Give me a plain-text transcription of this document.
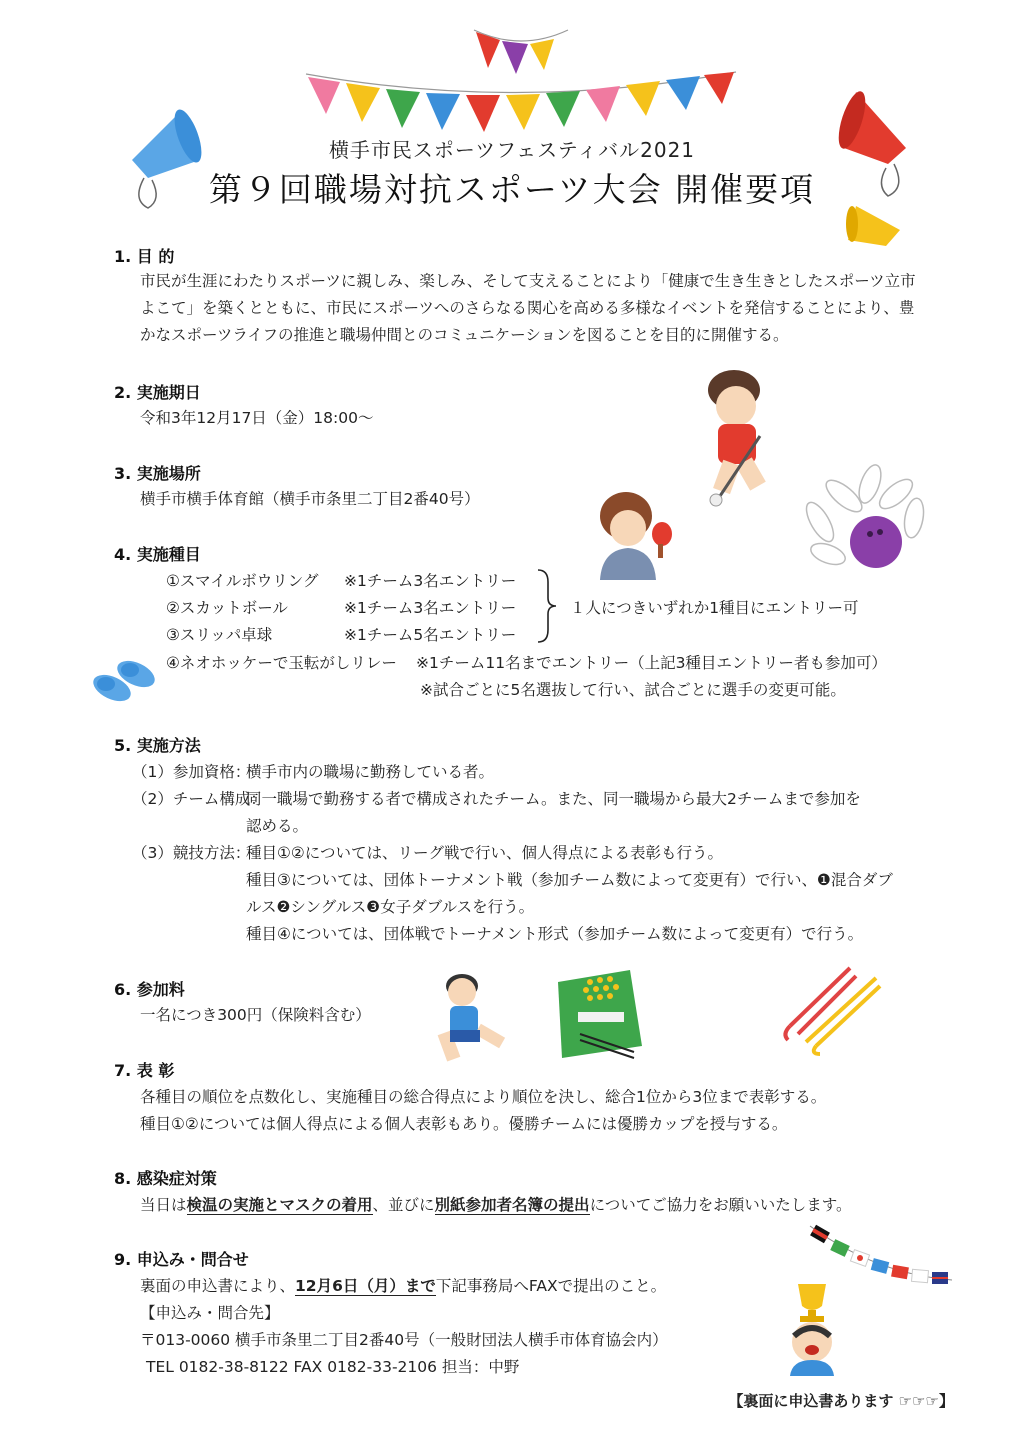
横手市民スポーツフェスティバル2021
第９回職場対抗スポーツ大会 開催要項
1. 目 的
市民が生涯にわたりスポーツに親しみ、楽しみ、そして支えることにより「健康で生き生きとしたスポーツ立市
よこて」を築くとともに、市民にスポーツへのさらなる関心を高める多様なイベントを発信することにより、豊
かなスポーツライフの推進と職場仲間とのコミュニケーションを図ることを目的に開催する。
2. 実施期日
令和3年12月17日（金）18:00〜
3. 実施場所
横手市横手体育館（横手市条里二丁目2番40号）
4. 実施種目
①スマイルボウリング ※1チーム3名エントリー
②スカットボール	※1チーム3名エントリー
③スリッパ卓球	※1チーム5名エントリー
１人につきいずれか1種目にエントリー可
④ネオホッケーで玉転がしリレー ※1チーム11名までエントリー（上記3種目エントリー者も参加可）
※試合ごとに5名選抜して行い、試合ごとに選手の変更可能。
5. 実施方法
（1）参加資格：
横手市内の職場に勤務している者。
（2）チーム構成：
同一職場で勤務する者で構成されたチーム。また、同一職場から最大2チームまで参加を
認める。
（3）競技方法：
種目①②については、リーグ戦で行い、個人得点による表彰も行う。
種目③については、団体トーナメント戦（参加チーム数によって変更有）で行い、❶混合ダブ
ルス❷シングルス❸女子ダブルスを行う。
種目④については、団体戦でトーナメント形式（参加チーム数によって変更有）で行う。
6. 参加料
一名につき300円（保険料含む）
7. 表 彰
各種目の順位を点数化し、実施種目の総合得点により順位を決し、総合1位から3位まで表彰する。
種目①②については個人得点による個人表彰もあり。優勝チームには優勝カップを授与する。
8. 感染症対策
当日は検温の実施とマスクの着用、並びに別紙参加者名簿の提出についてご協力をお願いいたします。
9. 申込み・問合せ
裏面の申込書により、12月6日（月）まで下記事務局へFAXで提出のこと。
【申込み・問合先】
〒013-0060 横手市条里二丁目2番40号（一般財団法人横手市体育協会内）
TEL 0182-38-8122 FAX 0182-33-2106 担当：中野
【裏面に申込書あります ☞☞☞】
